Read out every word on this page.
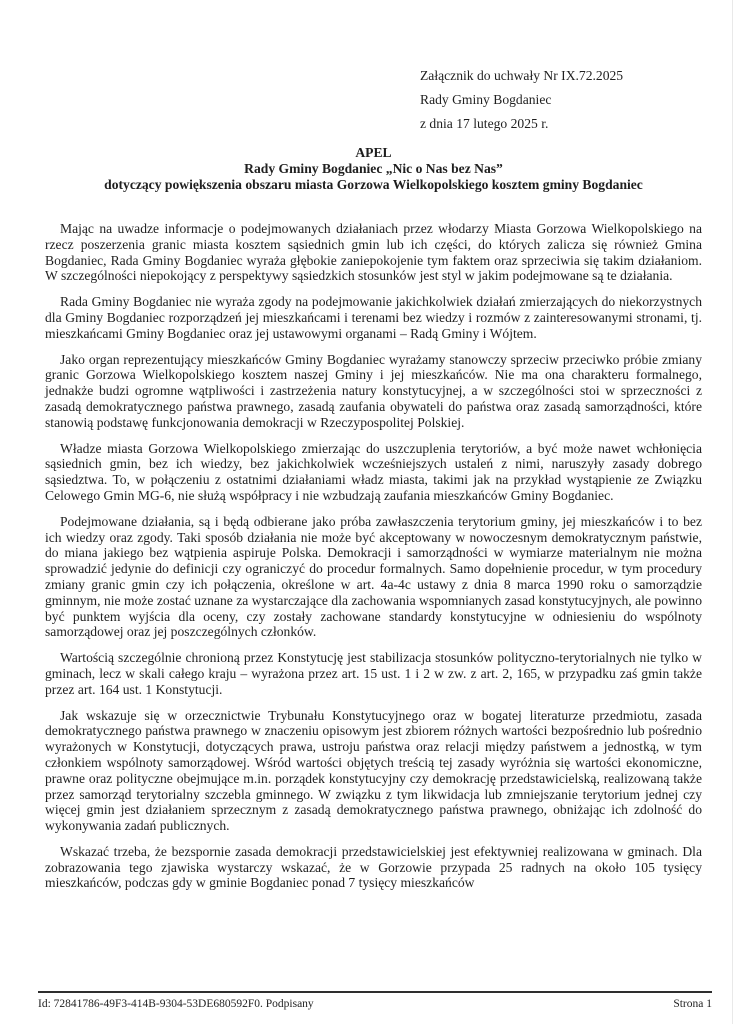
Załącznik do uchwały Nr IX.72.2025
Rady Gminy Bogdaniec
z dnia 17 lutego 2025 r.
APEL
Rady Gminy Bogdaniec „Nic o Nas bez Nas”
dotyczący powiększenia obszaru miasta Gorzowa Wielkopolskiego kosztem gminy Bogdaniec

Mając na uwadze informacje o podejmowanych działaniach przez włodarzy Miasta Gorzowa Wielkopolskiego na rzecz poszerzenia granic miasta kosztem sąsiednich gmin lub ich części, do których zalicza się również Gmina Bogdaniec, Rada Gminy Bogdaniec wyraża głębokie zaniepokojenie tym faktem oraz sprzeciwia się takim działaniom. W szczególności niepokojący z perspektywy sąsiedzkich stosunków jest styl w jakim podejmowane są te działania.

Rada Gminy Bogdaniec nie wyraża zgody na podejmowanie jakichkolwiek działań zmierzających do niekorzystnych dla Gminy Bogdaniec rozporządzeń jej mieszkańcami i terenami bez wiedzy i rozmów z zainteresowanymi stronami, tj. mieszkańcami Gminy Bogdaniec oraz jej ustawowymi organami – Radą Gminy i Wójtem.

Jako organ reprezentujący mieszkańców Gminy Bogdaniec wyrażamy stanowczy sprzeciw przeciwko próbie zmiany granic Gorzowa Wielkopolskiego kosztem naszej Gminy i jej mieszkańców. Nie ma ona charakteru formalnego, jednakże budzi ogromne wątpliwości i zastrzeżenia natury konstytucyjnej, a w szczególności stoi w sprzeczności z zasadą demokratycznego państwa prawnego, zasadą zaufania obywateli do państwa oraz zasadą samorządności, które stanowią podstawę funkcjonowania demokracji w Rzeczypospolitej Polskiej.

Władze miasta Gorzowa Wielkopolskiego zmierzając do uszczuplenia terytoriów, a być może nawet wchłonięcia sąsiednich gmin, bez ich wiedzy, bez jakichkolwiek wcześniejszych ustaleń z nimi, naruszyły zasady dobrego sąsiedztwa. To, w połączeniu z ostatnimi działaniami władz miasta, takimi jak na przykład wystąpienie ze Związku Celowego Gmin MG-6, nie służą współpracy i nie wzbudzają zaufania mieszkańców Gminy Bogdaniec.

Podejmowane działania, są i będą odbierane jako próba zawłaszczenia terytorium gminy, jej mieszkańców i to bez ich wiedzy oraz zgody. Taki sposób działania nie może być akceptowany w nowoczesnym demokratycznym państwie, do miana jakiego bez wątpienia aspiruje Polska. Demokracji i samorządności w wymiarze materialnym nie można sprowadzić jedynie do definicji czy ograniczyć do procedur formalnych. Samo dopełnienie procedur, w tym procedury zmiany granic gmin czy ich połączenia, określone w art. 4a-4c ustawy z dnia 8 marca 1990 roku o samorządzie gminnym, nie może zostać uznane za wystarczające dla zachowania wspomnianych zasad konstytucyjnych, ale powinno być punktem wyjścia dla oceny, czy zostały zachowane standardy konstytucyjne w odniesieniu do wspólnoty samorządowej oraz jej poszczególnych członków.

Wartością szczególnie chronioną przez Konstytucję jest stabilizacja stosunków polityczno-terytorialnych nie tylko w gminach, lecz w skali całego kraju – wyrażona przez art. 15 ust. 1 i 2 w zw. z art. 2, 165, w przypadku zaś gmin także przez art. 164 ust. 1 Konstytucji.

Jak wskazuje się w orzecznictwie Trybunału Konstytucyjnego oraz w bogatej literaturze przedmiotu, zasada demokratycznego państwa prawnego w znaczeniu opisowym jest zbiorem różnych wartości bezpośrednio lub pośrednio wyrażonych w Konstytucji, dotyczących prawa, ustroju państwa oraz relacji między państwem a jednostką, w tym członkiem wspólnoty samorządowej. Wśród wartości objętych treścią tej zasady wyróżnia się wartości ekonomiczne, prawne oraz polityczne obejmujące m.in. porządek konstytucyjny czy demokrację przedstawicielską, realizowaną także przez samorząd terytorialny szczebla gminnego. W związku z tym likwidacja lub zmniejszanie terytorium jednej czy więcej gmin jest działaniem sprzecznym z zasadą demokratycznego państwa prawnego, obniżając ich zdolność do wykonywania zadań publicznych.

Wskazać trzeba, że bezspornie zasada demokracji przedstawicielskiej jest efektywniej realizowana w gminach. Dla zobrazowania tego zjawiska wystarczy wskazać, że w Gorzowie przypada 25 radnych na około 105 tysięcy mieszkańców, podczas gdy w gminie Bogdaniec ponad 7 tysięcy mieszkańców

Id: 72841786-49F3-414B-9304-53DE680592F0. Podpisany	Strona 1
